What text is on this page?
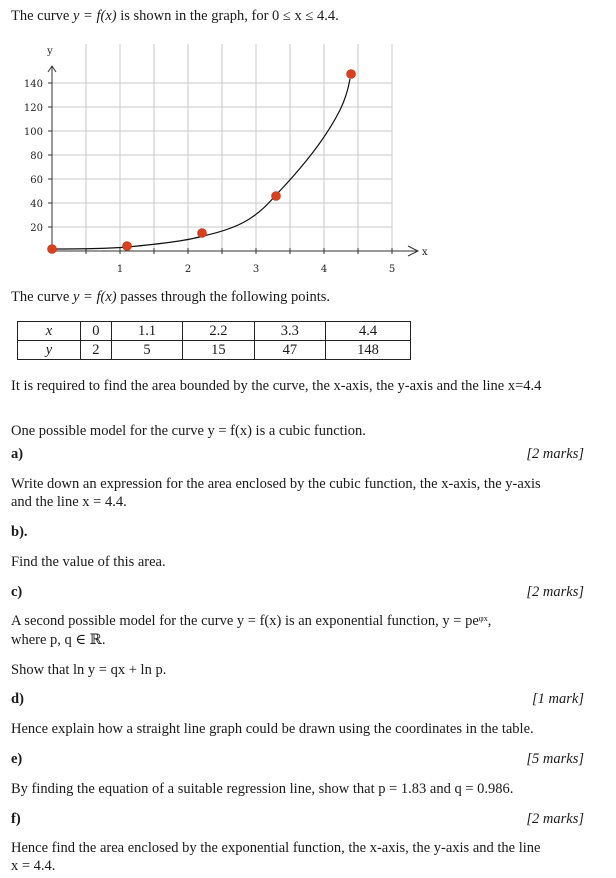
The curve y = f(x) is shown in the graph, for 0 ≤ x ≤ 4.4.
y
x
20
40
60
80
100
120
140
1	2	3	4	5
The curve y = f(x) passes through the following points.
x	0	1.1	2.2	3.3	4.4
y	2	5	15	47	148
It is required to find the area bounded by the curve, the x-axis, the y-axis and the line x=4.4
One possible model for the curve y = f(x) is a cubic function.
a)	[2 marks]
Write down an expression for the area enclosed by the cubic function, the x-axis, the y-axis
and the line x = 4.4.
b).
Find the value of this area.
c)	[2 marks]
A second possible model for the curve y = f(x) is an exponential function, y = peᵠˣ,
where p, q ∈ ℝ.
Show that ln y = qx + ln p.
d)	[1 mark]
Hence explain how a straight line graph could be drawn using the coordinates in the table.
e)	[5 marks]
By finding the equation of a suitable regression line, show that p = 1.83 and q = 0.986.
f)	[2 marks]
Hence find the area enclosed by the exponential function, the x-axis, the y-axis and the line
x = 4.4.
